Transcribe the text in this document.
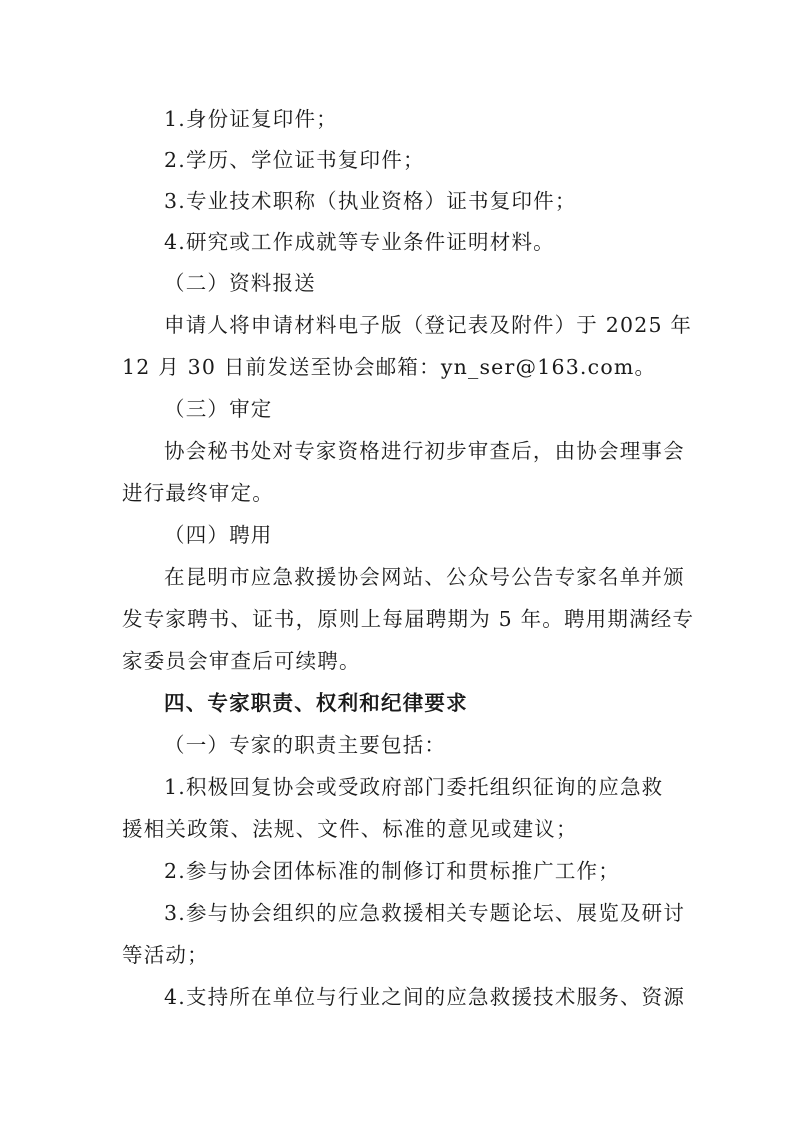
1.身份证复印件；
2.学历、学位证书复印件；
3.专业技术职称（执业资格）证书复印件；
4.研究或工作成就等专业条件证明材料。
（二）资料报送
申请人将申请材料电子版（登记表及附件）于 2025 年
12 月 30 日前发送至协会邮箱：yn_ser@163.com。
（三）审定
协会秘书处对专家资格进行初步审查后，由协会理事会
进行最终审定。
（四）聘用
在昆明市应急救援协会网站、公众号公告专家名单并颁
发专家聘书、证书，原则上每届聘期为 5 年。聘用期满经专
家委员会审查后可续聘。
四、专家职责、权利和纪律要求
（一）专家的职责主要包括：
1.积极回复协会或受政府部门委托组织征询的应急救
援相关政策、法规、文件、标准的意见或建议；
2.参与协会团体标准的制修订和贯标推广工作；
3.参与协会组织的应急救援相关专题论坛、展览及研讨
等活动；
4.支持所在单位与行业之间的应急救援技术服务、资源
